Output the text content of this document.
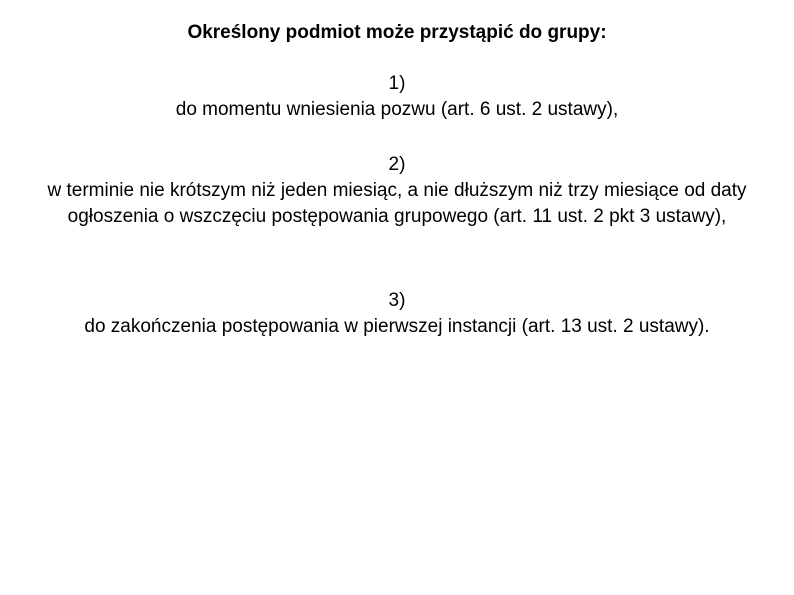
Określony podmiot może przystąpić do grupy:
1)
do momentu wniesienia pozwu (art. 6 ust. 2 ustawy),
2)
w terminie nie krótszym niż jeden miesiąc, a nie dłuższym niż trzy miesiące od daty ogłoszenia o wszczęciu postępowania grupowego (art. 11 ust. 2 pkt 3 ustawy),
3)
do zakończenia postępowania w pierwszej instancji (art. 13 ust. 2 ustawy).
